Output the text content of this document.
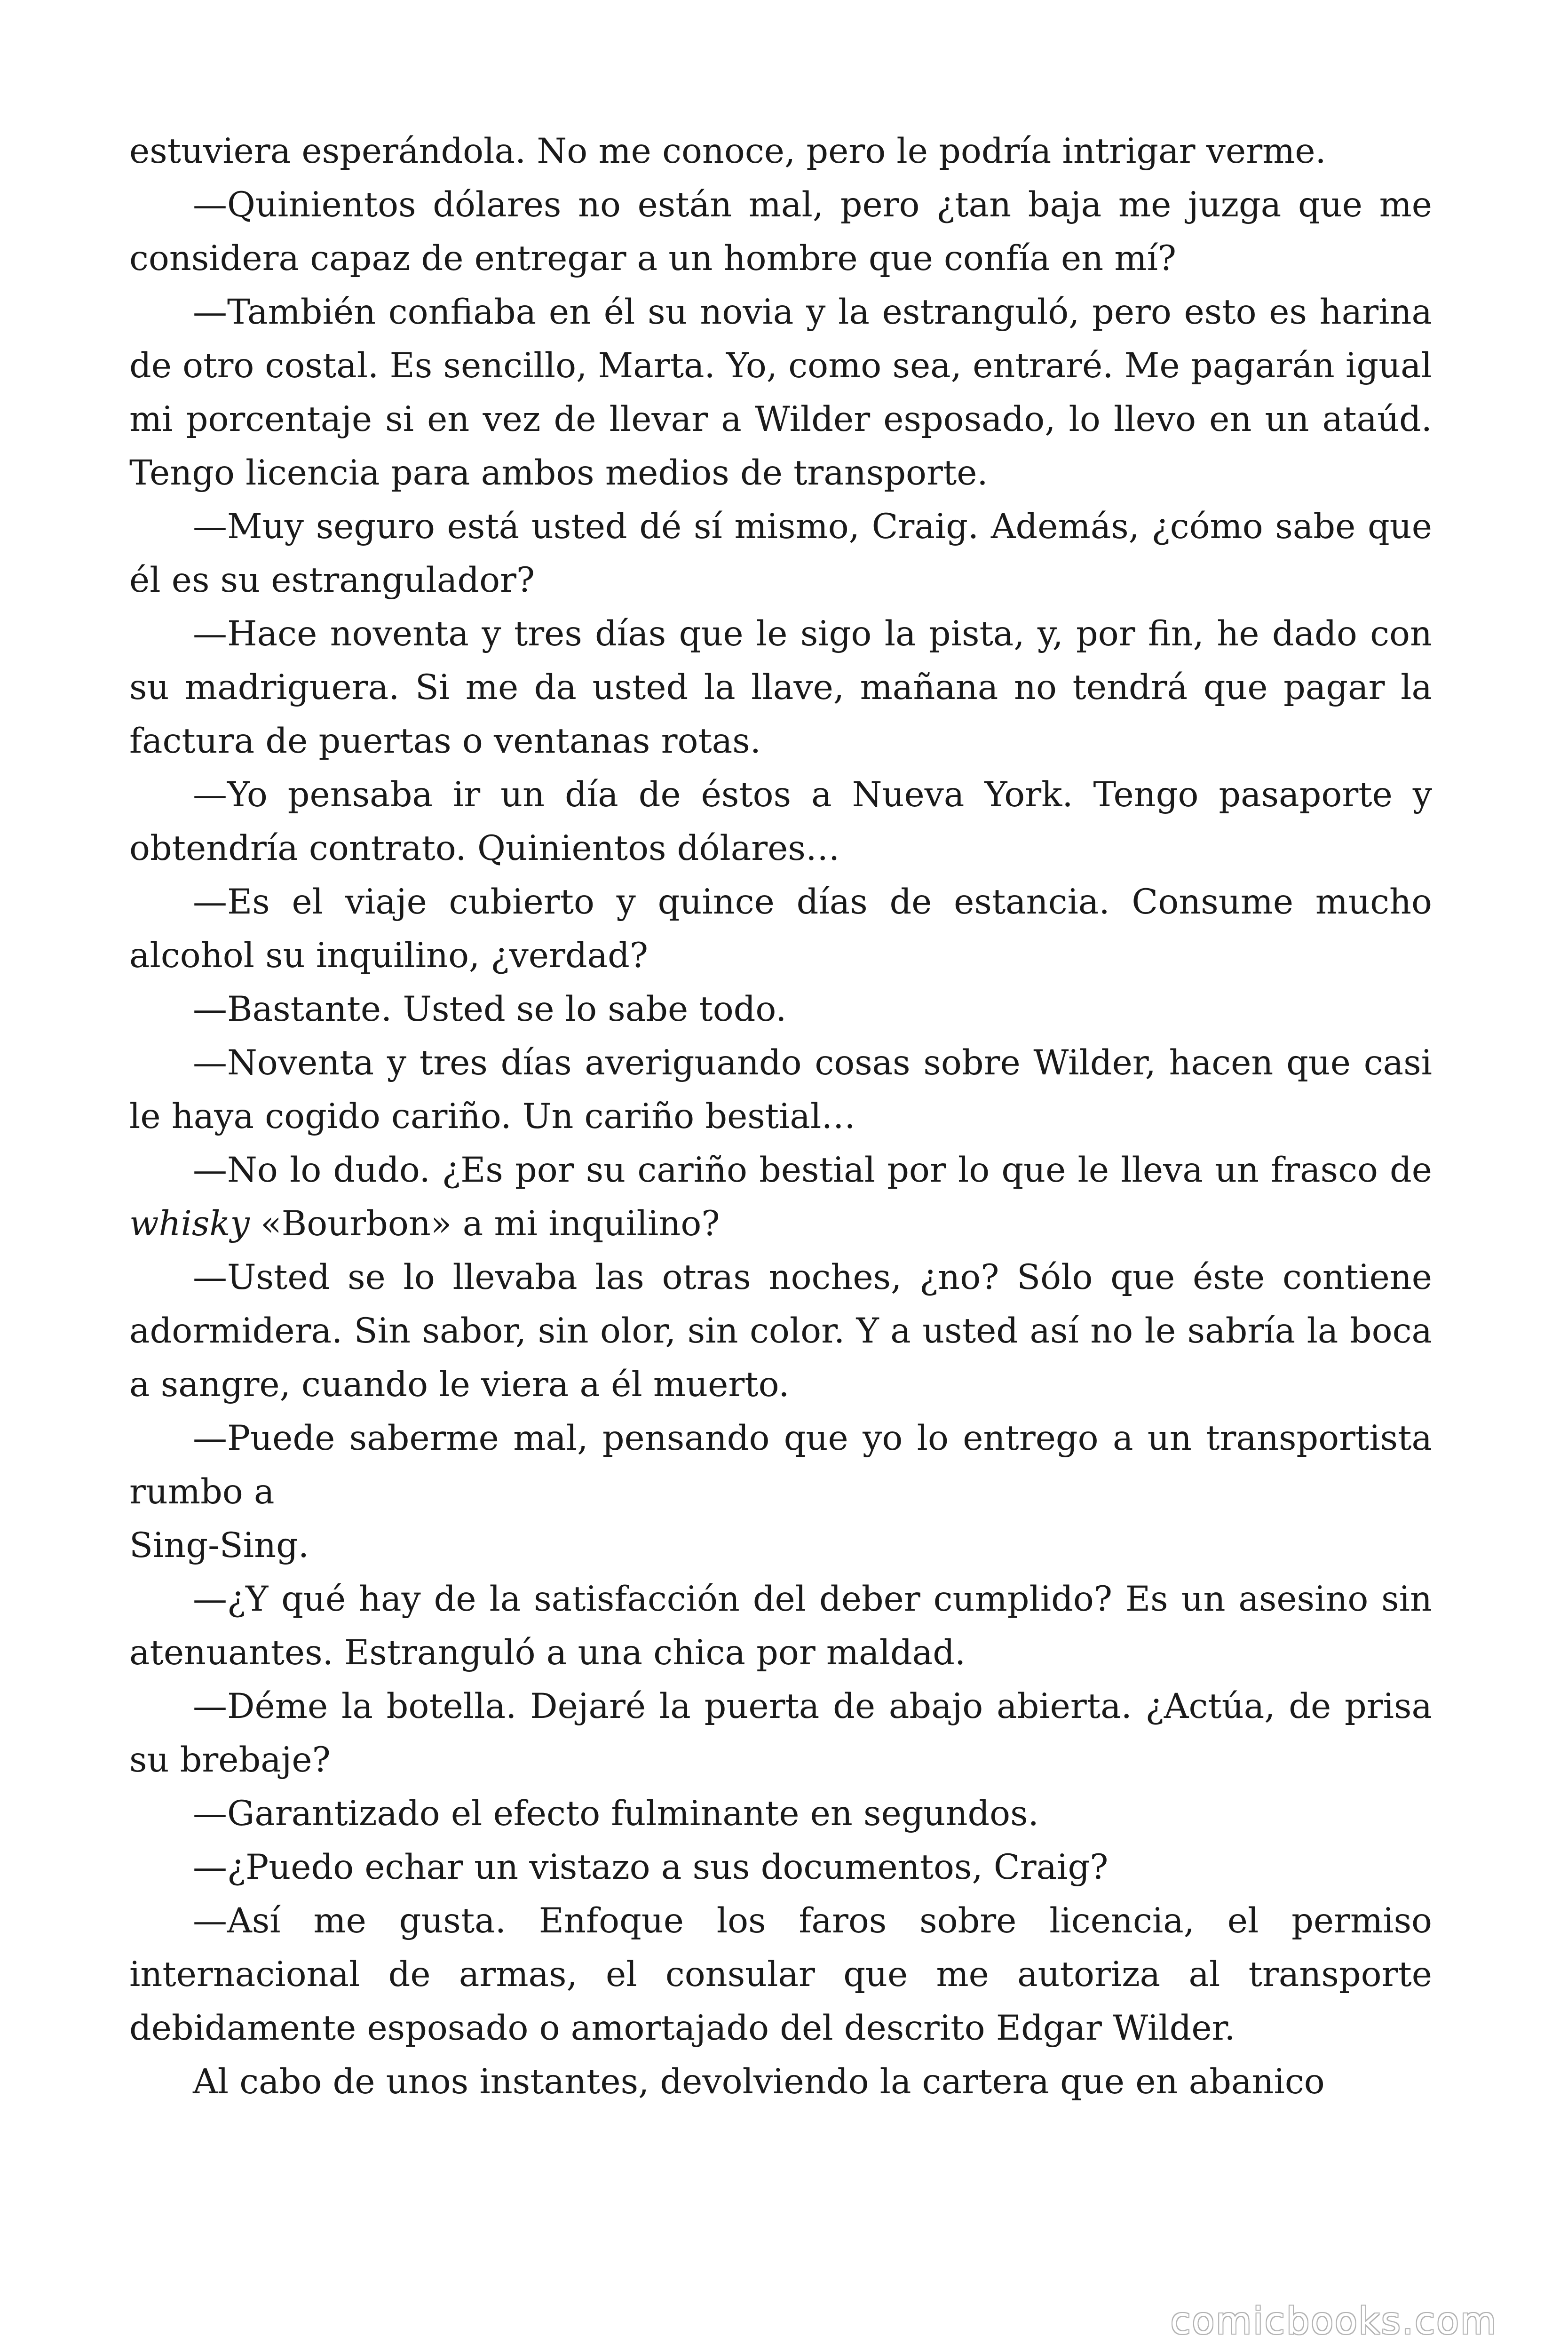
estuviera esperándola. No me conoce, pero le podría intrigar verme.

—Quinientos dólares no están mal, pero ¿tan baja me juzga que me considera capaz de entregar a un hombre que confía en mí?

—También confiaba en él su novia y la estranguló, pero esto es harina de otro costal. Es sencillo, Marta. Yo, como sea, entraré. Me pagarán igual mi porcentaje si en vez de llevar a Wilder esposado, lo llevo en un ataúd. Tengo licencia para ambos medios de transporte.

—Muy seguro está usted dé sí mismo, Craig. Además, ¿cómo sabe que él es su estrangulador?

—Hace noventa y tres días que le sigo la pista, y, por fin, he dado con su madriguera. Si me da usted la llave, mañana no tendrá que pagar la factura de puertas o ventanas rotas.

—Yo pensaba ir un día de éstos a Nueva York. Tengo pasaporte y obtendría contrato. Quinientos dólares…

—Es el viaje cubierto y quince días de estancia. Consume mucho alcohol su inquilino, ¿verdad?

—Bastante. Usted se lo sabe todo.

—Noventa y tres días averiguando cosas sobre Wilder, hacen que casi le haya cogido cariño. Un cariño bestial…

—No lo dudo. ¿Es por su cariño bestial por lo que le lleva un frasco de whisky «Bourbon» a mi inquilino?

—Usted se lo llevaba las otras noches, ¿no? Sólo que éste contiene adormidera. Sin sabor, sin olor, sin color. Y a usted así no le sabría la boca a sangre, cuando le viera a él muerto.

—Puede saberme mal, pensando que yo lo entrego a un transportista rumbo a

Sing-Sing.

—¿Y qué hay de la satisfacción del deber cumplido? Es un asesino sin atenuantes. Estranguló a una chica por maldad.

—Déme la botella. Dejaré la puerta de abajo abierta. ¿Actúa, de prisa su brebaje?

—Garantizado el efecto fulminante en segundos.

—¿Puedo echar un vistazo a sus documentos, Craig?

—Así me gusta. Enfoque los faros sobre licencia, el permiso internacional de armas, el consular que me autoriza al transporte debidamente esposado o amortajado del descrito Edgar Wilder.

Al cabo de unos instantes, devolviendo la cartera que en abanico

comicbooks.com
